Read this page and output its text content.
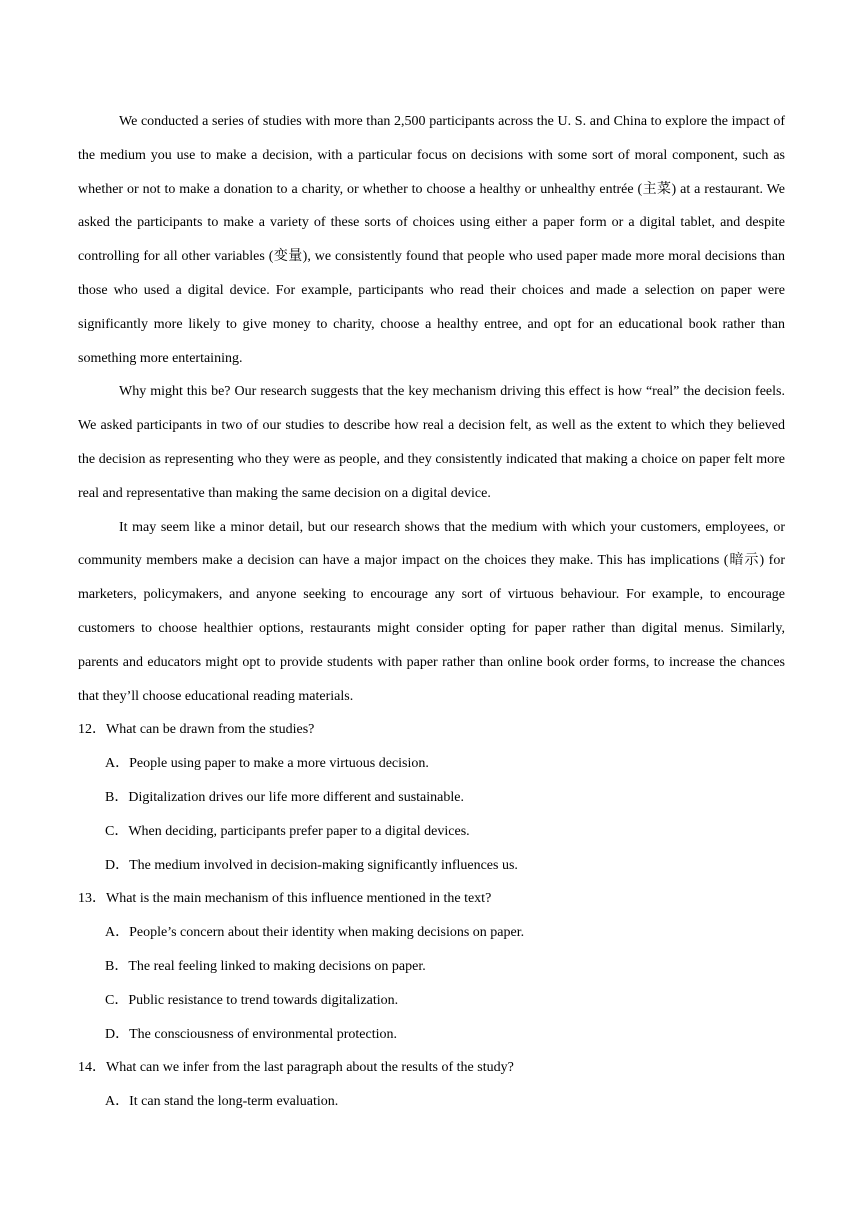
We conducted a series of studies with more than 2,500 participants across the U. S. and China to explore the impact of the medium you use to make a decision, with a particular focus on decisions with some sort of moral component, such as whether or not to make a donation to a charity, or whether to choose a healthy or unhealthy entrée (主菜) at a restaurant. We asked the participants to make a variety of these sorts of choices using either a paper form or a digital tablet, and despite controlling for all other variables (变量), we consistently found that people who used paper made more moral decisions than those who used a digital device. For example, participants who read their choices and made a selection on paper were significantly more likely to give money to charity, choose a healthy entree, and opt for an educational book rather than something more entertaining.

Why might this be? Our research suggests that the key mechanism driving this effect is how “real” the decision feels. We asked participants in two of our studies to describe how real a decision felt, as well as the extent to which they believed the decision as representing who they were as people, and they consistently indicated that making a choice on paper felt more real and representative than making the same decision on a digital device.

It may seem like a minor detail, but our research shows that the medium with which your customers, employees, or community members make a decision can have a major impact on the choices they make. This has implications (暗示) for marketers, policymakers, and anyone seeking to encourage any sort of virtuous behaviour. For example, to encourage customers to choose healthier options, restaurants might consider opting for paper rather than digital menus. Similarly, parents and educators might opt to provide students with paper rather than online book order forms, to increase the chances that they’ll choose educational reading materials.

12．What can be drawn from the studies?

A．People using paper to make a more virtuous decision.

B．Digitalization drives our life more different and sustainable.

C．When deciding, participants prefer paper to a digital devices.

D．The medium involved in decision-making significantly influences us.

13．What is the main mechanism of this influence mentioned in the text?

A．People’s concern about their identity when making decisions on paper.

B．The real feeling linked to making decisions on paper.

C．Public resistance to trend towards digitalization.

D．The consciousness of environmental protection.

14．What can we infer from the last paragraph about the results of the study?

A．It can stand the long-term evaluation.
